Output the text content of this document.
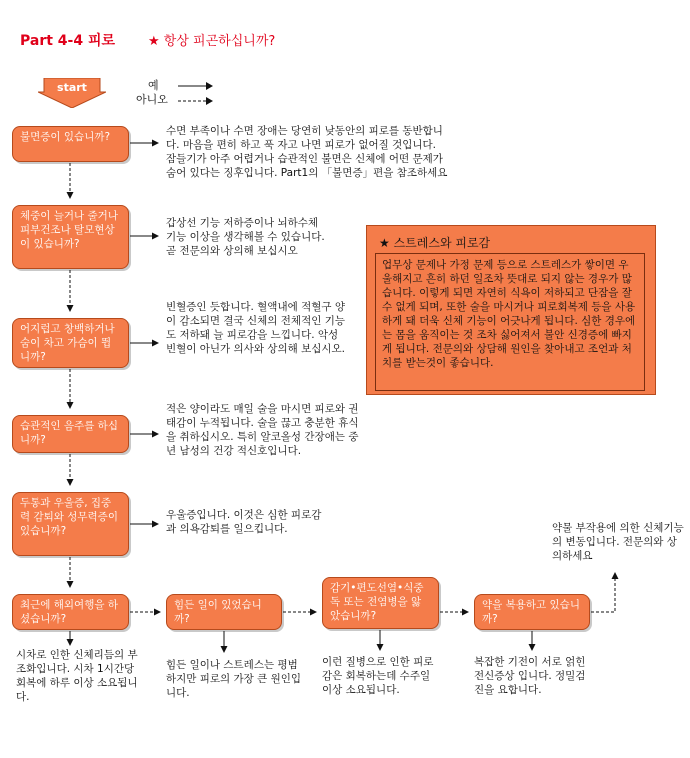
Part 4-4 피로	★ 항상 피곤하십니까?
start	예
아니오
불면증이 있습니까?
체중이 늘거나 줄거나 피부건조나 탈모현상이 있습니까?
어지럽고 창백하거나 숨이 차고 가슴이 뜁니까?
습관적인 음주를 하십니까?
두통과 우울증, 집중력 감퇴와 성무력증이 있습니까?
최근에 해외여행을 하셨습니까?
힘든 일이 있었습니까?
감기•편도선염•식중독 또는 전염병을 앓았습니까?
약을 복용하고 있습니까?
수면 부족이나 수면 장애는 당연히 낮동안의 피로를 동반합니다. 마음을 편히 하고 푹 자고 나면 피로가 없어질 것입니다. 잠들기가 아주 어렵거나 습관적인 불면은 신체에 어떤 문제가 숨어 있다는 징후입니다. Part1의 「불면증」편을 참조하세요
갑상선 기능 저하증이나 뇌하수체기능 이상을 생각해볼 수 있습니다. 곧 전문의와 상의해 보십시오
빈혈증인 듯합니다. 혈액내에 적혈구 양이 감소되면 결국 신체의 전체적인 기능도 저하돼 늘 피로감을 느낍니다. 악성 빈혈이 아닌가 의사와 상의해 보십시오.
적은 양이라도 매일 술을 마시면 피로와 권태감이 누적됩니다. 술을 끊고 충분한 휴식을 취하십시오. 특히 알코올성 간장애는 중년 남성의 건강 적신호입니다.
우울증입니다. 이것은 심한 피로감과 의욕감퇴를 일으킵니다.
시차로 인한 신체리듬의 부조화입니다. 시차 1시간당 회복에 하루 이상 소요됩니다.
힘든 일이나 스트레스는 평범하지만 피로의 가장 큰 원인입니다.
이런 질병으로 인한 피로감은 회복하는데 수주일 이상 소요됩니다.
복잡한 기전이 서로 얽힌 전신증상 입니다. 정밀검진을 요합니다.
약물 부작용에 의한 신체기능의 변동입니다. 전문의와 상의하세요
★ 스트레스와 피로감
업무상 문제나 가정 문제 등으로 스트레스가 쌓이면 우울해지고 흔히 하던 일조차 뜻대로 되지 않는 경우가 많습니다. 이렇게 되면 자연히 식욕이 저하되고 단잠을 잘 수 없게 되며, 또한 술을 마시거나 피로회복제 등을 사용하게 돼 더욱 신체 기능이 어긋나게 됩니다. 심한 경우에는 몸을 움직이는 것 조차 싫어져서 불안 신경증에 빠지게 됩니다. 전문의와 상담해 원인을 찾아내고 조언과 처치를 받는것이 좋습니다.
